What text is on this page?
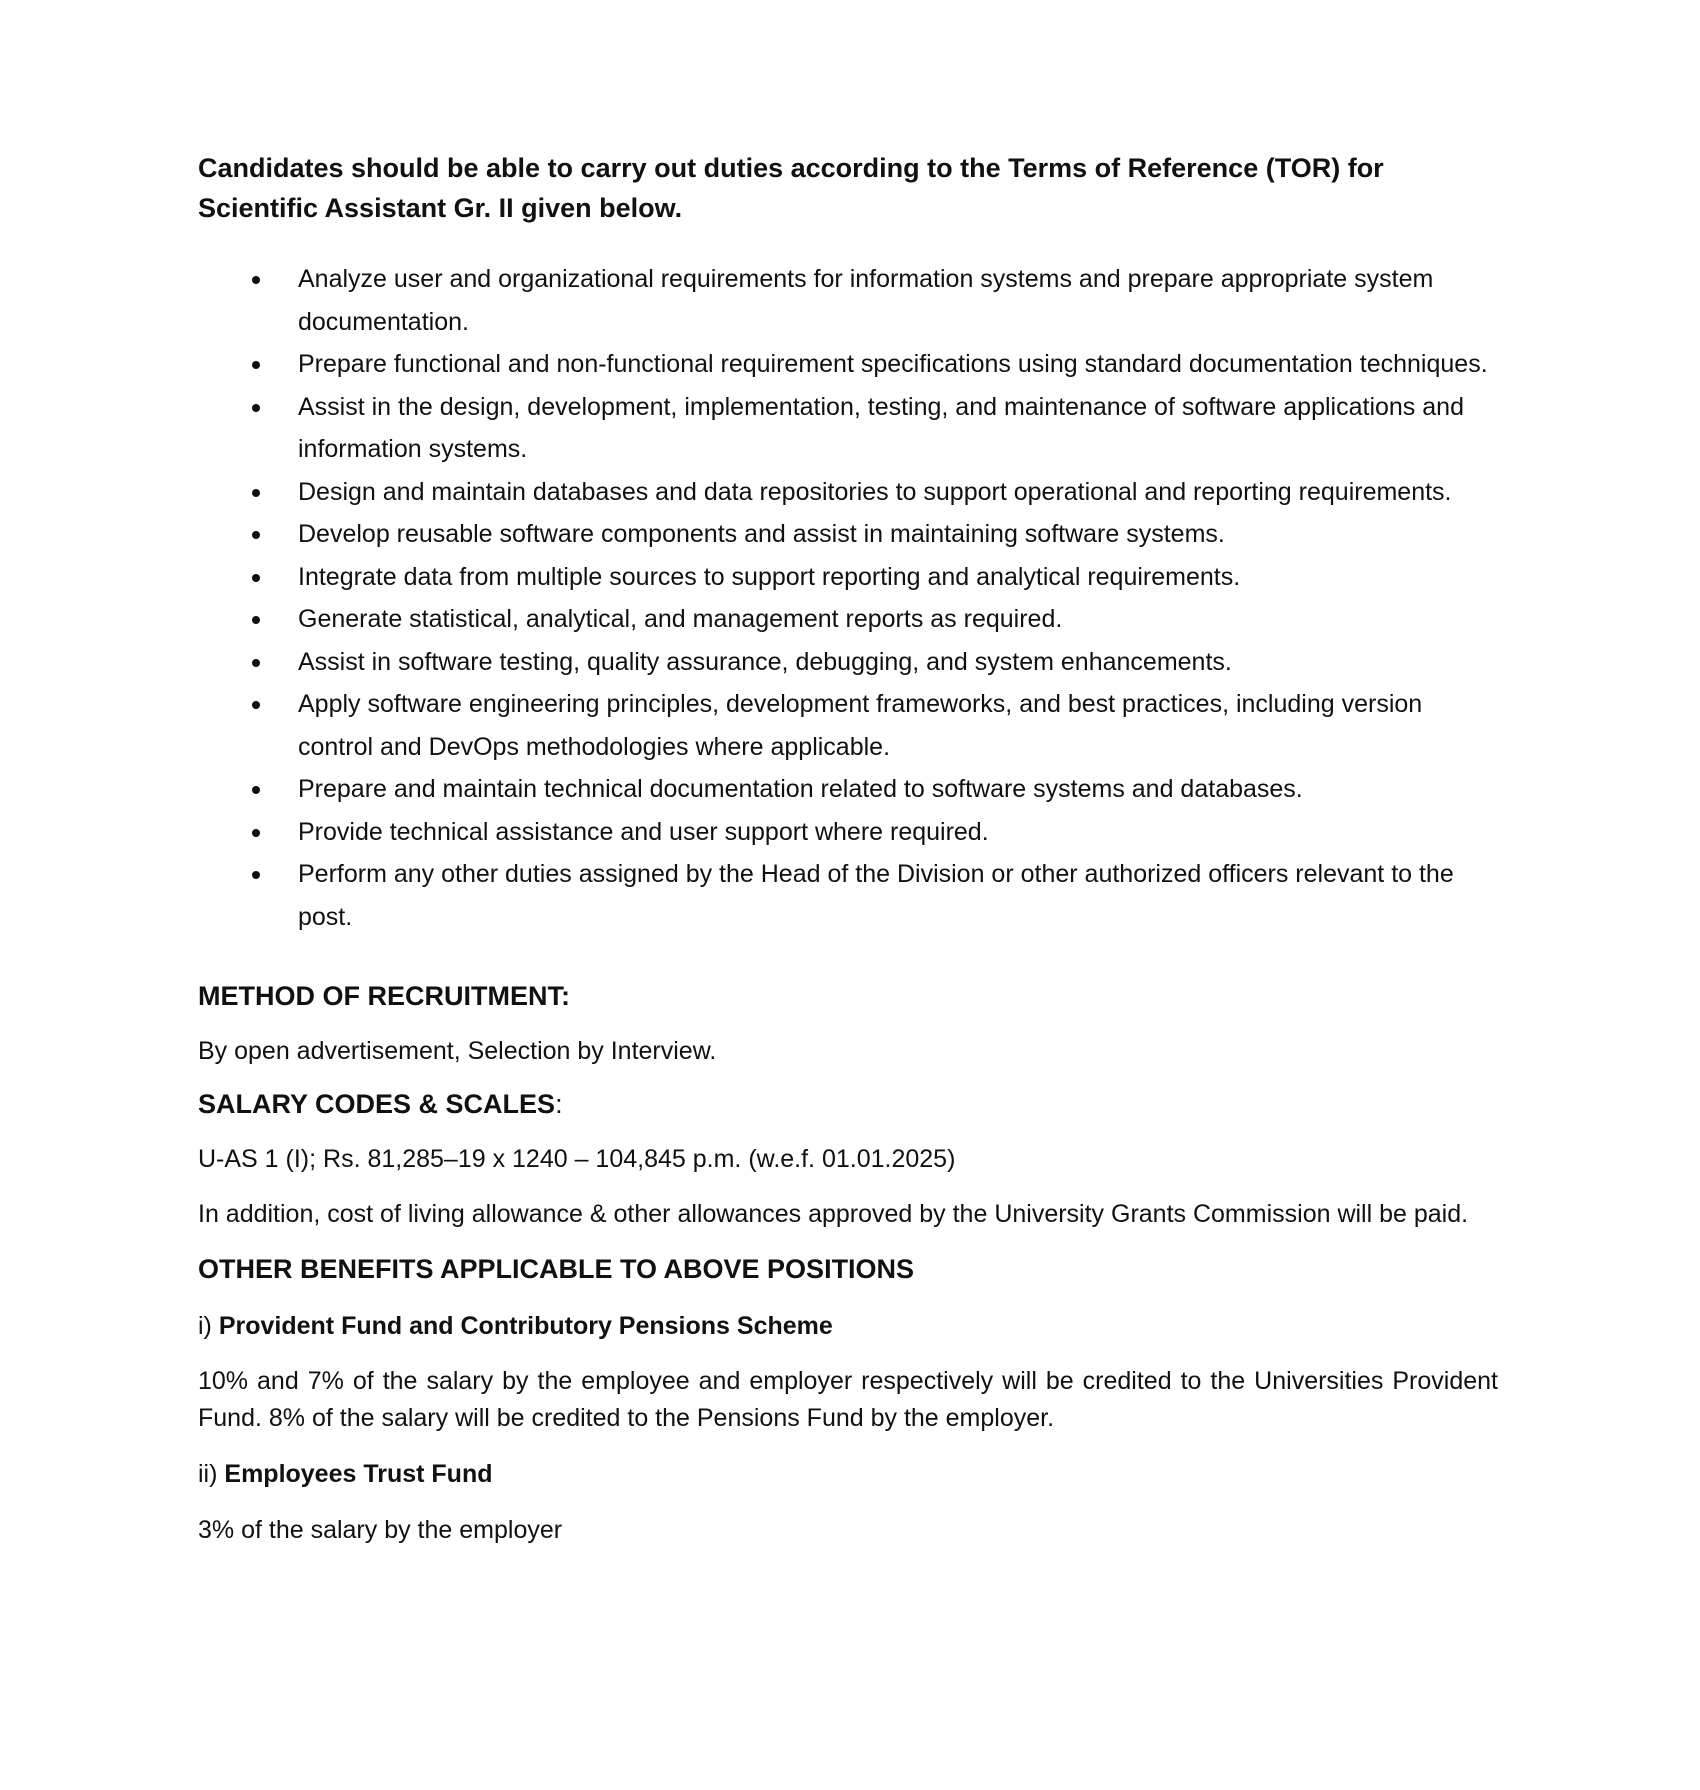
Candidates should be able to carry out duties according to the Terms of Reference (TOR) for Scientific Assistant Gr. II given below.

Analyze user and organizational requirements for information systems and prepare appropriate system documentation.
Prepare functional and non-functional requirement specifications using standard documentation techniques.
Assist in the design, development, implementation, testing, and maintenance of software applications and information systems.
Design and maintain databases and data repositories to support operational and reporting requirements.
Develop reusable software components and assist in maintaining software systems.
Integrate data from multiple sources to support reporting and analytical requirements.
Generate statistical, analytical, and management reports as required.
Assist in software testing, quality assurance, debugging, and system enhancements.
Apply software engineering principles, development frameworks, and best practices, including version control and DevOps methodologies where applicable.
Prepare and maintain technical documentation related to software systems and databases.
Provide technical assistance and user support where required.
Perform any other duties assigned by the Head of the Division or other authorized officers relevant to the post.
METHOD OF RECRUITMENT:

By open advertisement, Selection by Interview.

SALARY CODES & SCALES:

U-AS 1 (I); Rs. 81,285–19 x 1240 – 104,845 p.m. (w.e.f. 01.01.2025)

In addition, cost of living allowance & other allowances approved by the University Grants Commission will be paid.

OTHER BENEFITS APPLICABLE TO ABOVE POSITIONS

i) Provident Fund and Contributory Pensions Scheme

10% and 7% of the salary by the employee and employer respectively will be credited to the Universities Provident Fund. 8% of the salary will be credited to the Pensions Fund by the employer.

ii) Employees Trust Fund

3% of the salary by the employer
